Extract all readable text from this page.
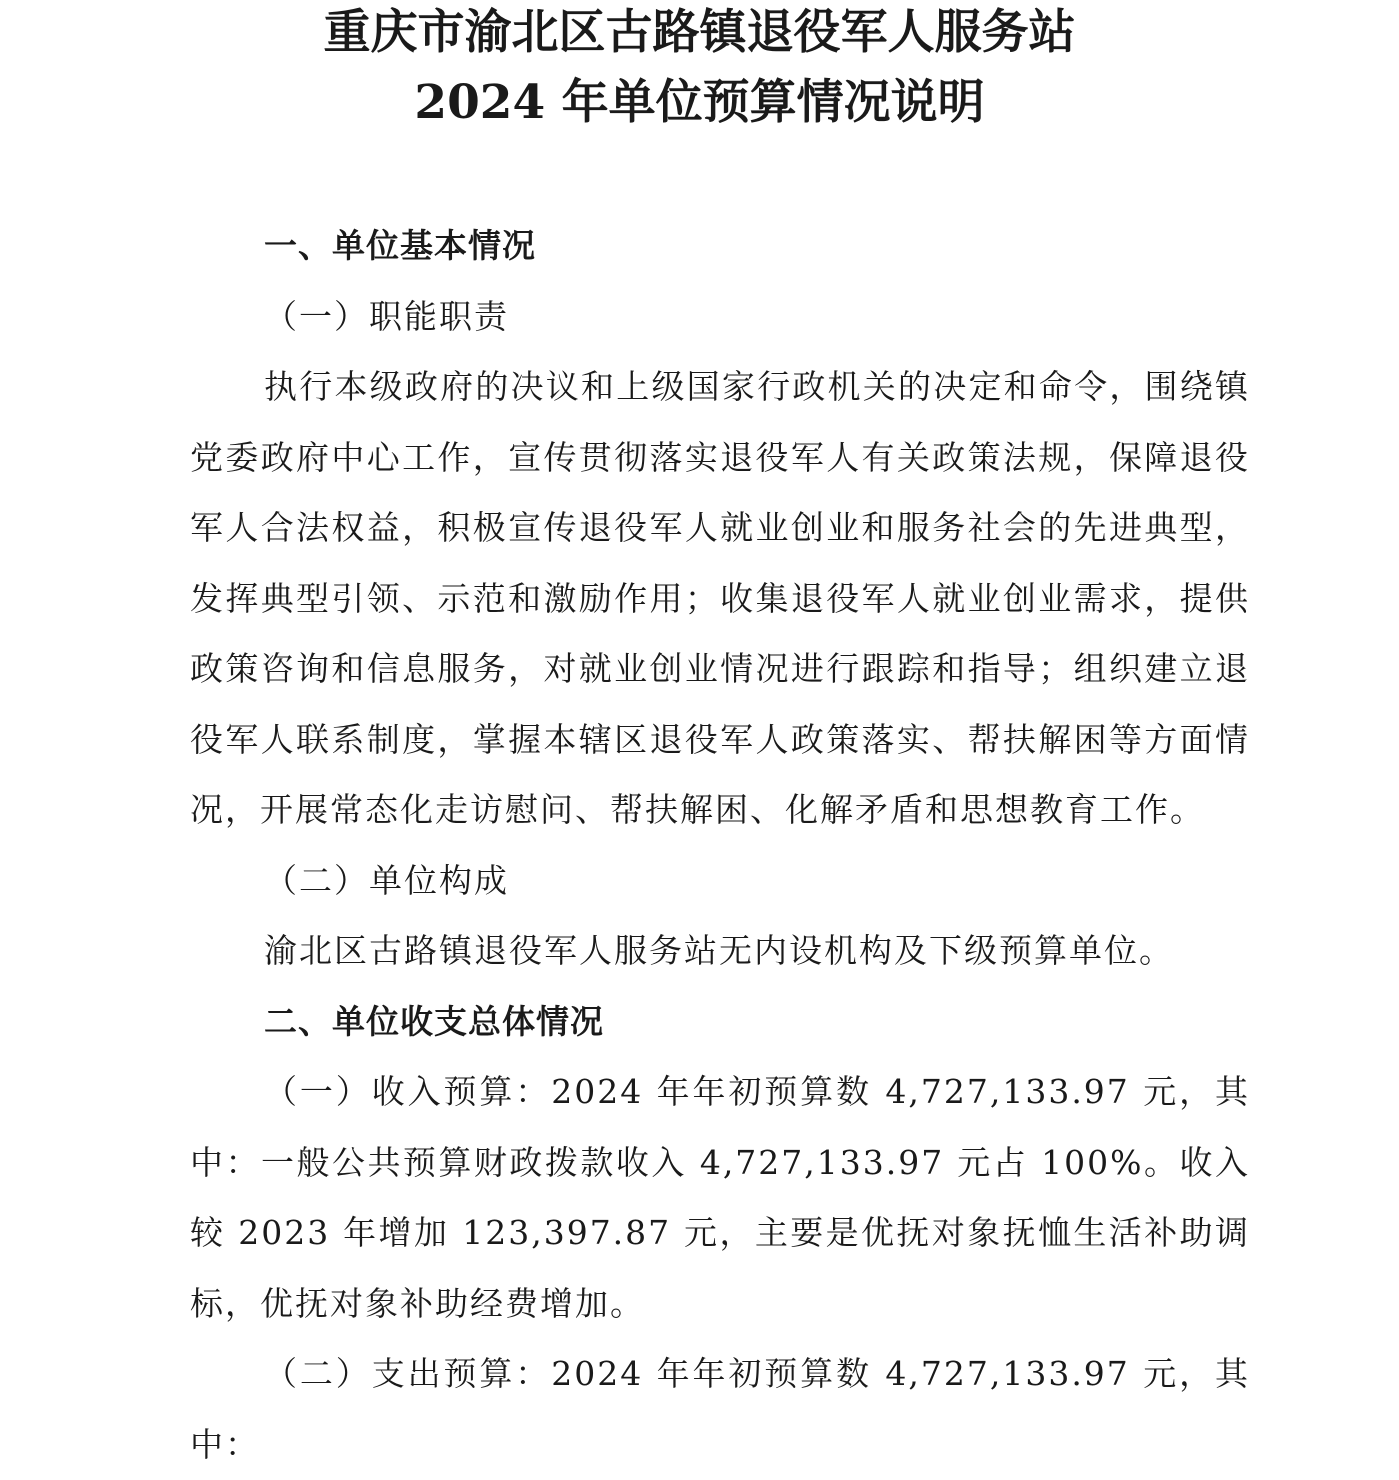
重庆市渝北区古路镇退役军人服务站
2024 年单位预算情况说明

一、单位基本情况

（一）职能职责

执行本级政府的决议和上级国家行政机关的决定和命令，围绕镇党委政府中心工作，宣传贯彻落实退役军人有关政策法规，保障退役军人合法权益，积极宣传退役军人就业创业和服务社会的先进典型，发挥典型引领、示范和激励作用；收集退役军人就业创业需求，提供政策咨询和信息服务，对就业创业情况进行跟踪和指导；组织建立退役军人联系制度，掌握本辖区退役军人政策落实、帮扶解困等方面情况，开展常态化走访慰问、帮扶解困、化解矛盾和思想教育工作。

（二）单位构成

渝北区古路镇退役军人服务站无内设机构及下级预算单位。

二、单位收支总体情况

（一）收入预算：2024 年年初预算数 4,727,133.97 元，其中：一般公共预算财政拨款收入 4,727,133.97 元占 100%。收入较 2023 年增加 123,397.87 元，主要是优抚对象抚恤生活补助调标，优抚对象补助经费增加。

（二）支出预算：2024 年年初预算数 4,727,133.97 元，其中：
